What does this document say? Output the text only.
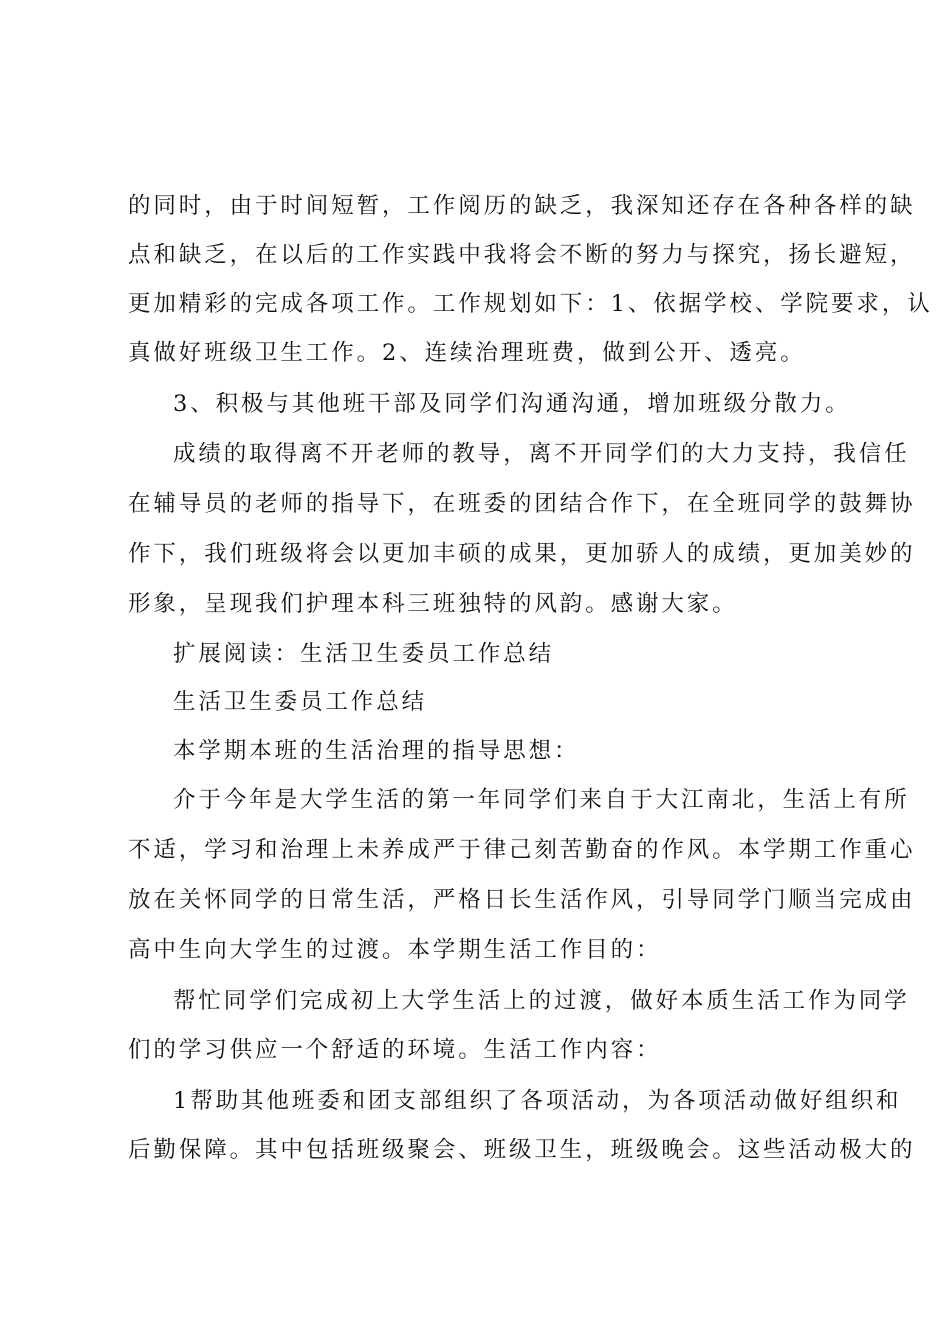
的同时，由于时间短暂，工作阅历的缺乏，我深知还存在各种各样的缺
点和缺乏，在以后的工作实践中我将会不断的努力与探究，扬长避短，
更加精彩的完成各项工作。工作规划如下：1、依据学校、学院要求，认
真做好班级卫生工作。2、连续治理班费，做到公开、透亮。
3、积极与其他班干部及同学们沟通沟通，增加班级分散力。
成绩的取得离不开老师的教导，离不开同学们的大力支持，我信任
在辅导员的老师的指导下，在班委的团结合作下，在全班同学的鼓舞协
作下，我们班级将会以更加丰硕的成果，更加骄人的成绩，更加美妙的
形象，呈现我们护理本科三班独特的风韵。感谢大家。
扩展阅读：生活卫生委员工作总结
生活卫生委员工作总结
本学期本班的生活治理的指导思想：
介于今年是大学生活的第一年同学们来自于大江南北，生活上有所
不适，学习和治理上未养成严于律己刻苦勤奋的作风。本学期工作重心
放在关怀同学的日常生活，严格日长生活作风，引导同学门顺当完成由
高中生向大学生的过渡。本学期生活工作目的：
帮忙同学们完成初上大学生活上的过渡，做好本质生活工作为同学
们的学习供应一个舒适的环境。生活工作内容：
1帮助其他班委和团支部组织了各项活动，为各项活动做好组织和
后勤保障。其中包括班级聚会、班级卫生，班级晚会。这些活动极大的
